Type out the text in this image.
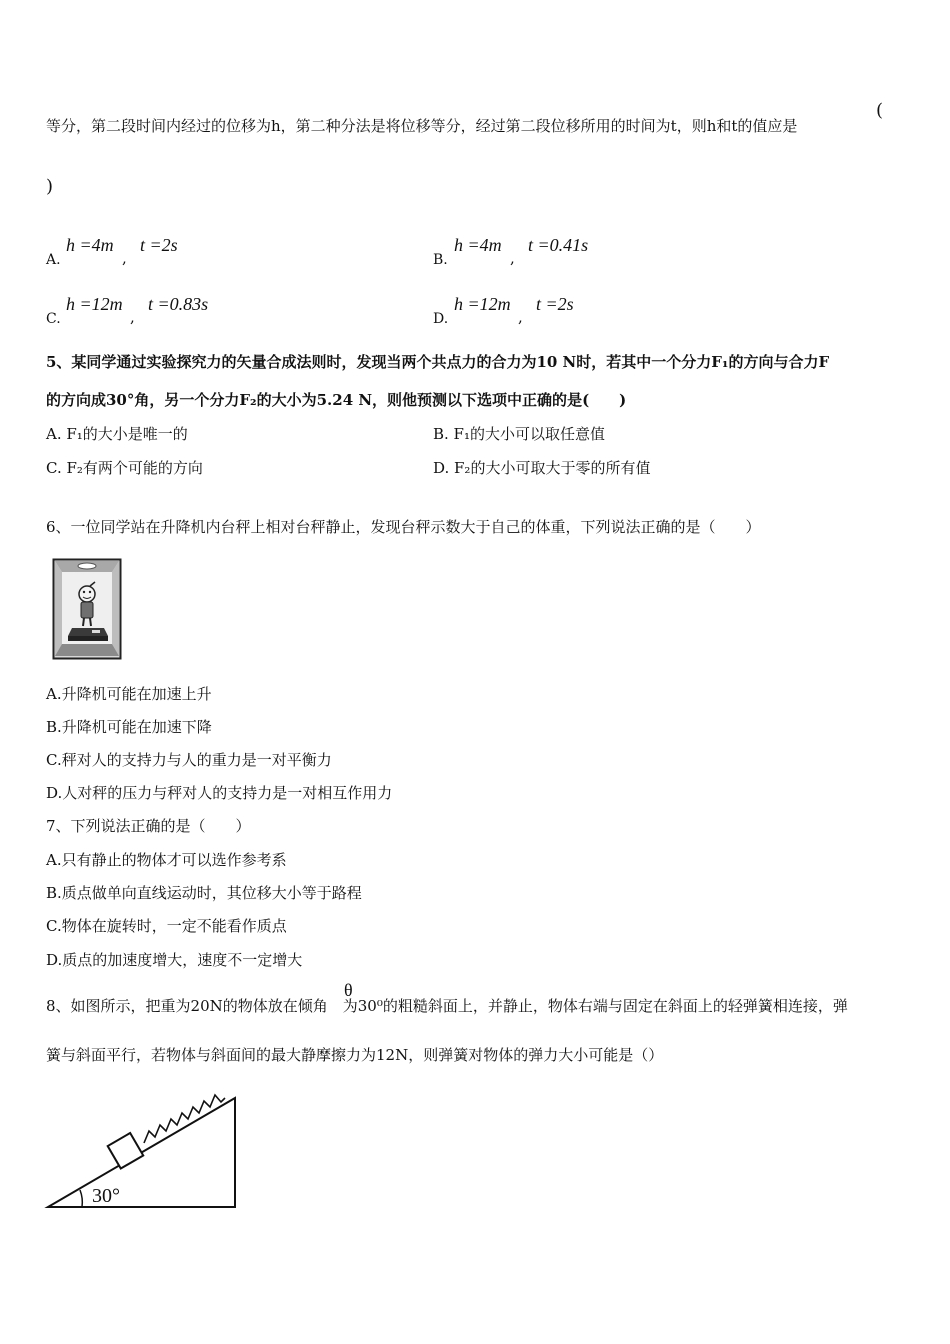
等分，第二段时间内经过的位移为h，第二种分法是将位移等分，经过第二段位移所用的时间为t，则h和t的值应是
(
)
A.
h =4m
,
t =2s
B.
h =4m
,
t =0.41s
C.
h =12m
,
t =0.83s
D.
h =12m
,
t =2s
5、某同学通过实验探究力的矢量合成法则时，发现当两个共点力的合力为10 N时，若其中一个分力F₁的方向与合力F
的方向成30°角，另一个分力F₂的大小为5.24 N，则他预测以下选项中正确的是(　　)
A. F₁的大小是唯一的	B. F₁的大小可以取任意值
C. F₂有两个可能的方向	D. F₂的大小可取大于零的所有值
6、一位同学站在升降机内台秤上相对台秤静止，发现台秤示数大于自己的体重，下列说法正确的是（　　）
A.升降机可能在加速上升
B.升降机可能在加速下降
C.秤对人的支持力与人的重力是一对平衡力
D.人对秤的压力与秤对人的支持力是一对相互作用力
7、下列说法正确的是（　　）
A.只有静止的物体才可以选作参考系
B.质点做单向直线运动时，其位移大小等于路程
C.物体在旋转时，一定不能看作质点
D.质点的加速度增大，速度不一定增大
θ
8、如图所示，把重为20N的物体放在倾角　为30⁰的粗糙斜面上，并静止，物体右端与固定在斜面上的轻弹簧相连接，弹
簧与斜面平行，若物体与斜面间的最大静摩擦力为12N，则弹簧对物体的弹力大小可能是（）
30°
